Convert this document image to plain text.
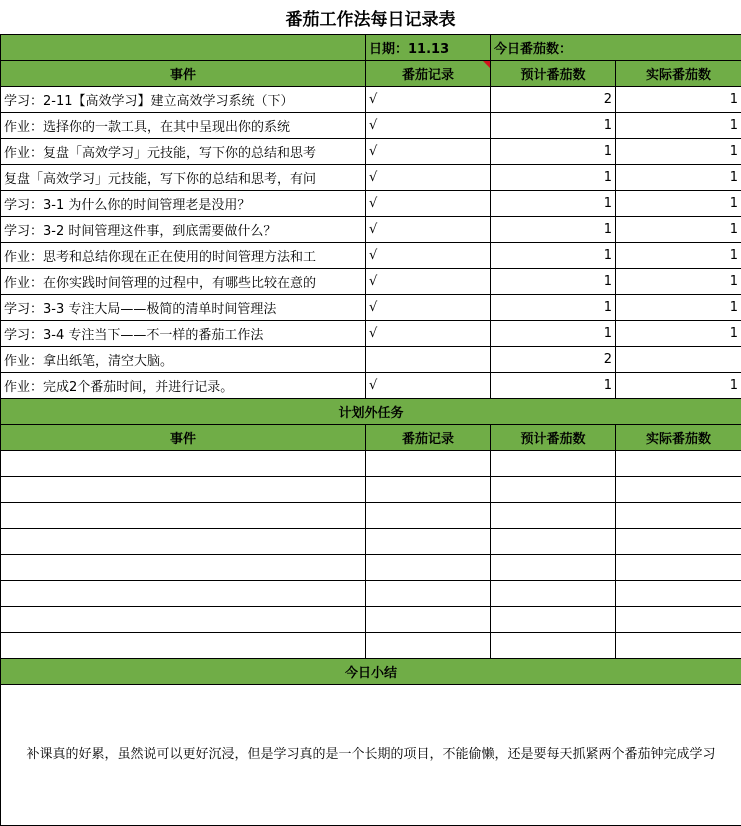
番茄工作法每日记录表
	日期：11.13	今日番茄数：	
事件	番茄记录	预计番茄数	实际番茄数
学习：2-11【高效学习】建立高效学习系统（下）	√	2	1
作业：选择你的一款工具，在其中呈现出你的系统	√	1	1
作业：复盘「高效学习」元技能，写下你的总结和思考	√	1	1
复盘「高效学习」元技能，写下你的总结和思考，有问	√	1	1
学习：3-1 为什么你的时间管理老是没用？	√	1	1
学习：3-2 时间管理这件事，到底需要做什么？	√	1	1
作业：思考和总结你现在正在使用的时间管理方法和工	√	1	1
作业：在你实践时间管理的过程中，有哪些比较在意的	√	1	1
学习：3-3 专注大局——极简的清单时间管理法	√	1	1
学习：3-4 专注当下——不一样的番茄工作法	√	1	1
作业：拿出纸笔，清空大脑。		2	
作业：完成2个番茄时间，并进行记录。	√	1	1
计划外任务			
事件	番茄记录	预计番茄数	实际番茄数

今日小结			
补课真的好累，虽然说可以更好沉浸，但是学习真的是一个长期的项目，不能偷懒，还是要每天抓紧两个番茄钟完成学习			
